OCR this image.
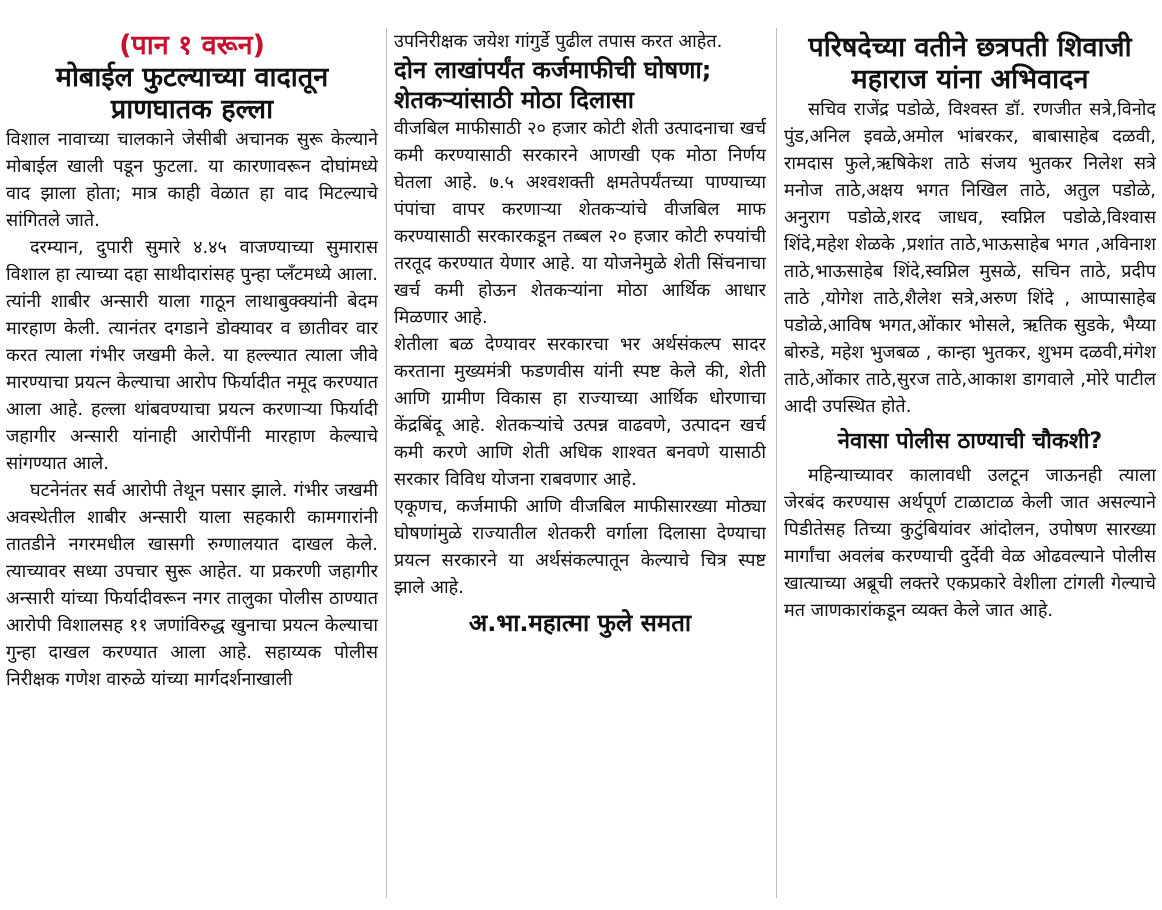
(पान १ वरून)
मोबाईल फुटल्याच्या वादातून प्राणघातक हल्ला

विशाल नावाच्या चालकाने जेसीबी अचानक सुरू केल्याने मोबाईल खाली पडून फुटला. या कारणावरून दोघांमध्ये वाद झाला होता; मात्र काही वेळात हा वाद मिटल्याचे सांगितले जाते.

दरम्यान, दुपारी सुमारे ४.४५ वाजण्याच्या सुमारास विशाल हा त्याच्या दहा साथीदारांसह पुन्हा प्लँटमध्ये आला. त्यांनी शाबीर अन्सारी याला गाठून लाथाबुक्क्यांनी बेदम मारहाण केली. त्यानंतर दगडाने डोक्यावर व छातीवर वार करत त्याला गंभीर जखमी केले. या हल्ल्यात त्याला जीवे मारण्याचा प्रयत्न केल्याचा आरोप फिर्यादीत नमूद करण्यात आला आहे. हल्ला थांबवण्याचा प्रयत्न करणाऱ्या फिर्यादी जहागीर अन्सारी यांनाही आरोपींनी मारहाण केल्याचे सांगण्यात आले.

घटनेनंतर सर्व आरोपी तेथून पसार झाले. गंभीर जखमी अवस्थेतील शाबीर अन्सारी याला सहकारी कामगारांनी तातडीने नगरमधील खासगी रुग्णालयात दाखल केले. त्याच्यावर सध्या उपचार सुरू आहेत. या प्रकरणी जहागीर अन्सारी यांच्या फिर्यादीवरून नगर तालुका पोलीस ठाण्यात आरोपी विशालसह ११ जणांविरुद्ध खुनाचा प्रयत्न केल्याचा गुन्हा दाखल करण्यात आला आहे. सहाय्यक पोलीस निरीक्षक गणेश वारुळे यांच्या मार्गदर्शनाखाली

उपनिरीक्षक जयेश गांगुर्डे पुढील तपास करत आहेत.

दोन लाखांपर्यंत कर्जमाफीची घोषणा; शेतकऱ्यांसाठी मोठा दिलासा

वीजबिल माफीसाठी २० हजार कोटी शेती उत्पादनाचा खर्च कमी करण्यासाठी सरकारने आणखी एक मोठा निर्णय घेतला आहे. ७.५ अश्वशक्ती क्षमतेपर्यंतच्या पाण्याच्या पंपांचा वापर करणाऱ्या शेतकऱ्यांचे वीजबिल माफ करण्यासाठी सरकारकडून तब्बल २० हजार कोटी रुपयांची तरतूद करण्यात येणार आहे. या योजनेमुळे शेती सिंचनाचा खर्च कमी होऊन शेतकऱ्यांना मोठा आर्थिक आधार मिळणार आहे.

शेतीला बळ देण्यावर सरकारचा भर अर्थसंकल्प सादर करताना मुख्यमंत्री फडणवीस यांनी स्पष्ट केले की, शेती आणि ग्रामीण विकास हा राज्याच्या आर्थिक धोरणाचा केंद्रबिंदू आहे. शेतकऱ्यांचे उत्पन्न वाढवणे, उत्पादन खर्च कमी करणे आणि शेती अधिक शाश्वत बनवणे यासाठी सरकार विविध योजना राबवणार आहे.

एकूणच, कर्जमाफी आणि वीजबिल माफीसारख्या मोठ्या घोषणांमुळे राज्यातील शेतकरी वर्गाला दिलासा देण्याचा प्रयत्न सरकारने या अर्थसंकल्पातून केल्याचे चित्र स्पष्ट झाले आहे.

अ.भा.महात्मा फुले समता
परिषदेच्या वतीने छत्रपती शिवाजी महाराज यांना अभिवादन

सचिव राजेंद्र पडोळे, विश्वस्त डॉ. रणजीत सत्रे,विनोद पुंड,अनिल इवळे,अमोल भांबरकर, बाबासाहेब दळवी, रामदास फुले,ऋषिकेश ताठे संजय भुतकर निलेश सत्रे मनोज ताठे,अक्षय भगत निखिल ताठे, अतुल पडोळे, अनुराग पडोळे,शरद जाधव, स्वप्निल पडोळे,विश्वास शिंदे,महेश शेळके ,प्रशांत ताठे,भाऊसाहेब भगत ,अविनाश ताठे,भाऊसाहेब शिंदे,स्वप्निल मुसळे, सचिन ताठे, प्रदीप ताठे ,योगेश ताठे,शैलेश सत्रे,अरुण शिंदे , आप्पासाहेब पडोळे,आविष भगत,ओंकार भोसले, ऋतिक सुडके, भैय्या बोरुडे, महेश भुजबळ , कान्हा भुतकर, शुभम दळवी,मंगेश ताठे,ओंकार ताठे,सुरज ताठे,आकाश डागवाले ,मोरे पाटील आदी उपस्थित होते.

नेवासा पोलीस ठाण्याची चौकशी?

महिन्याच्यावर कालावधी उलटून जाऊनही त्याला जेरबंद करण्यास अर्थपूर्ण टाळाटाळ केली जात असल्याने पिडीतेसह तिच्या कुटुंबियांवर आंदोलन, उपोषण सारख्या मार्गांचा अवलंब करण्याची दुर्देवी वेळ ओढवल्याने पोलीस खात्याच्या अब्रूची लक्तरे एकप्रकारे वेशीला टांगली गेल्याचे मत जाणकारांकडून व्यक्त केले जात आहे.
